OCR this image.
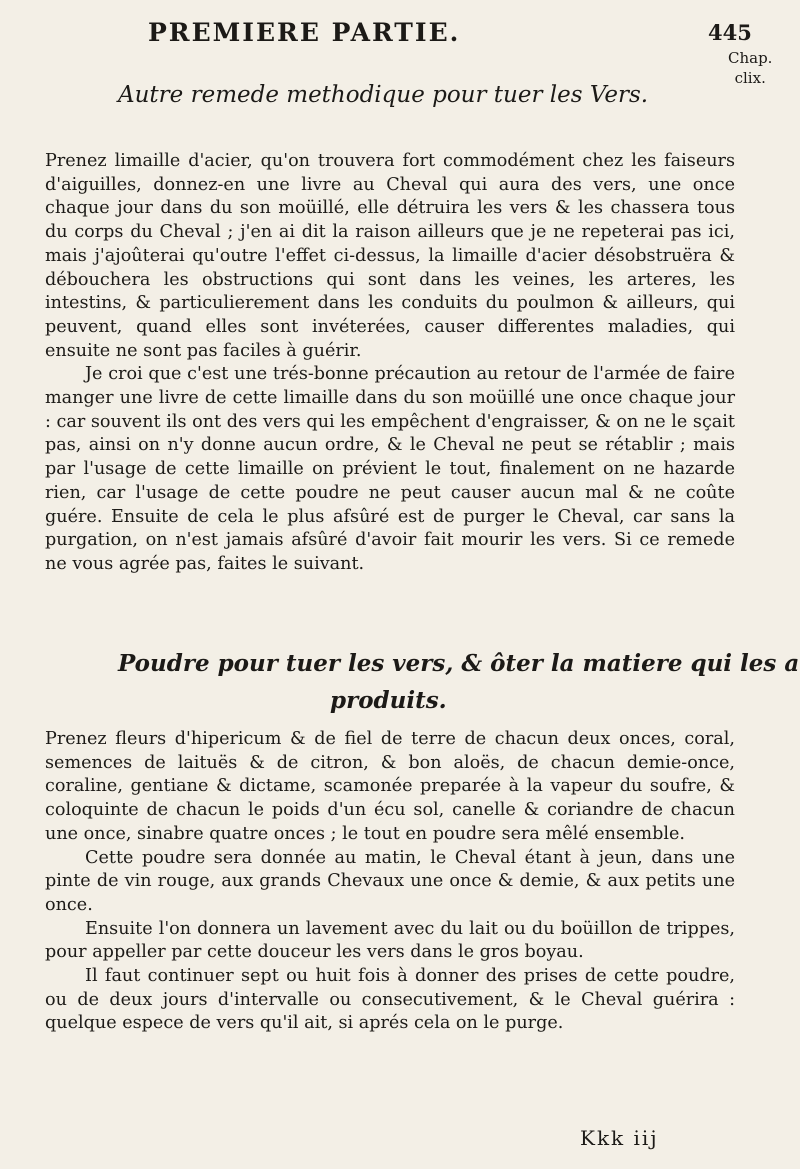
PREMIERE PARTIE.	445
Chap.
clix.
Autre remede methodique pour tuer les Vers.

Prenez limaille d'acier, qu'on trouvera fort commodément chez les faiseurs d'aiguilles, donnez-en une livre au Cheval qui aura des vers, une once chaque jour dans du son moüillé, elle détruira les vers & les chassera tous du corps du Cheval ; j'en ai dit la raison ailleurs que je ne repeterai pas ici, mais j'ajoûterai qu'outre l'effet ci-dessus, la limaille d'acier désobstruëra & débouchera les obstructions qui sont dans les veines, les arteres, les intestins, & particulierement dans les conduits du poulmon & ailleurs, qui peuvent, quand elles sont invéterées, causer differentes maladies, qui ensuite ne sont pas faciles à guérir.

Je croi que c'est une trés-bonne précaution au retour de l'armée de faire manger une livre de cette limaille dans du son moüillé une once chaque jour : car souvent ils ont des vers qui les empêchent d'engraisser, & on ne le sçait pas, ainsi on n'y donne aucun ordre, & le Cheval ne peut se rétablir ; mais par l'usage de cette limaille on prévient le tout, finalement on ne hazarde rien, car l'usage de cette poudre ne peut causer aucun mal & ne coûte guére. Ensuite de cela le plus afsûré est de purger le Cheval, car sans la purgation, on n'est jamais afsûré d'avoir fait mourir les vers. Si ce remede ne vous agrée pas, faites le suivant.

Poudre pour tuer les vers, & ôter la matiere qui les a
produits.

Prenez fleurs d'hipericum & de fiel de terre de chacun deux onces, coral, semences de laituës & de citron, & bon aloës, de chacun demie-once, coraline, gentiane & dictame, scamonée preparée à la vapeur du soufre, & coloquinte de chacun le poids d'un écu sol, canelle & coriandre de chacun une once, sinabre quatre onces ; le tout en poudre sera mêlé ensemble.

Cette poudre sera donnée au matin, le Cheval étant à jeun, dans une pinte de vin rouge, aux grands Chevaux une once & demie, & aux petits une once.

Ensuite l'on donnera un lavement avec du lait ou du boüillon de trippes, pour appeller par cette douceur les vers dans le gros boyau.

Il faut continuer sept ou huit fois à donner des prises de cette poudre, ou de deux jours d'intervalle ou consecutivement, & le Cheval guérira : quelque espece de vers qu'il ait, si aprés cela on le purge.

Kkk iij
